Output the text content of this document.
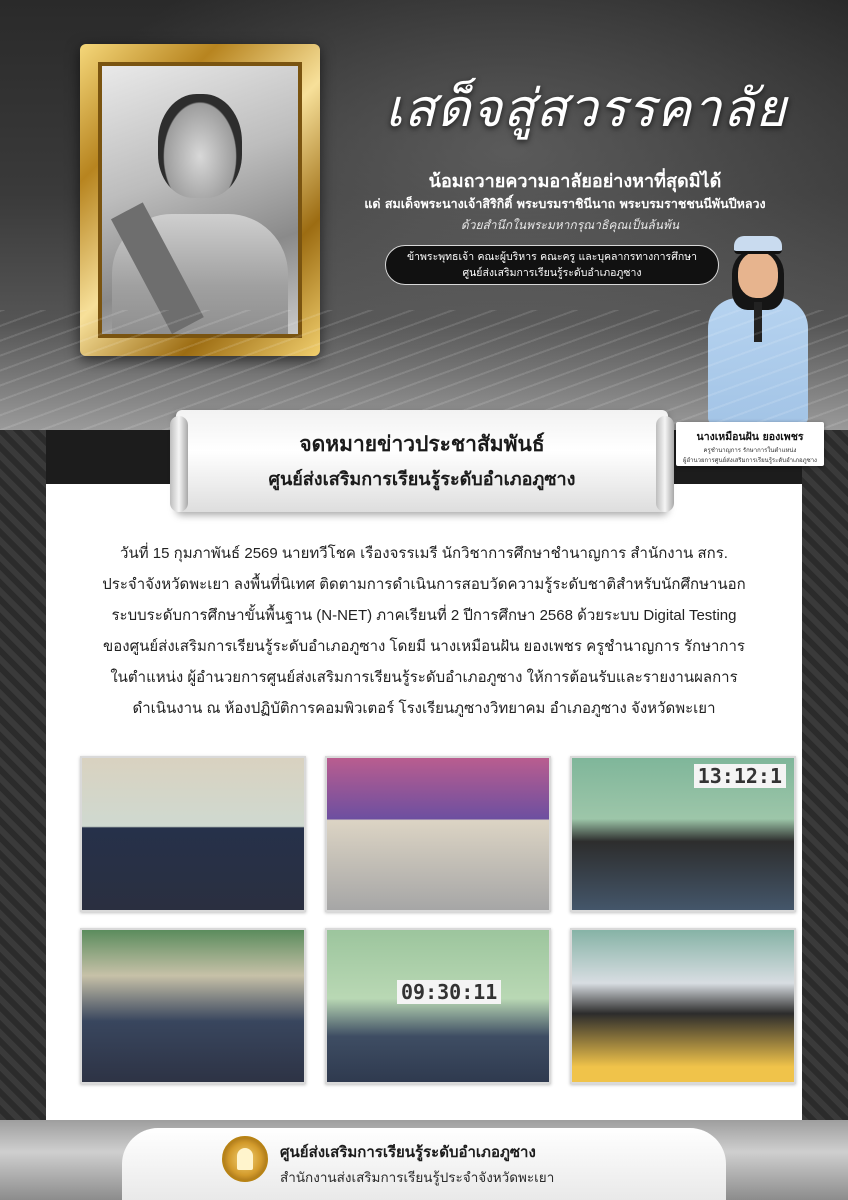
เสด็จสู่สวรรคาลัย
น้อมถวายความอาลัยอย่างหาที่สุดมิได้
แด่ สมเด็จพระนางเจ้าสิริกิติ์ พระบรมราชินีนาถ พระบรมราชชนนีพันปีหลวง
ด้วยสำนึกในพระมหากรุณาธิคุณเป็นล้นพ้น
ข้าพระพุทธเจ้า คณะผู้บริหาร คณะครู และบุคลากรทางการศึกษา
ศูนย์ส่งเสริมการเรียนรู้ระดับอำเภอภูซาง
นางเหมือนฝัน ยองเพชร
ครูชำนาญการ รักษาการในตำแหน่ง
ผู้อำนวยการศูนย์ส่งเสริมการเรียนรู้ระดับอำเภอภูซาง
จดหมายข่าวประชาสัมพันธ์
ศูนย์ส่งเสริมการเรียนรู้ระดับอำเภอภูซาง
วันที่ 15 กุมภาพันธ์ 2569 นายทวีโชค เรืองจรรเมรี นักวิชาการศึกษาชำนาญการ สำนักงาน สกร.
ประจำจังหวัดพะเยา ลงพื้นที่นิเทศ ติดตามการดำเนินการสอบวัดความรู้ระดับชาติสำหรับนักศึกษานอก
ระบบระดับการศึกษาขั้นพื้นฐาน (N-NET) ภาคเรียนที่ 2 ปีการศึกษา 2568 ด้วยระบบ Digital Testing
ของศูนย์ส่งเสริมการเรียนรู้ระดับอำเภอภูซาง โดยมี นางเหมือนฝัน ยองเพชร ครูชำนาญการ รักษาการ
ในตำแหน่ง ผู้อำนวยการศูนย์ส่งเสริมการเรียนรู้ระดับอำเภอภูซาง ให้การต้อนรับและรายงานผลการ
ดำเนินงาน ณ ห้องปฏิบัติการคอมพิวเตอร์ โรงเรียนภูซางวิทยาคม อำเภอภูซาง จังหวัดพะเยา
13:12:1
09:30:11
ศูนย์ส่งเสริมการเรียนรู้ระดับอำเภอภูซาง
สำนักงานส่งเสริมการเรียนรู้ประจำจังหวัดพะเยา
